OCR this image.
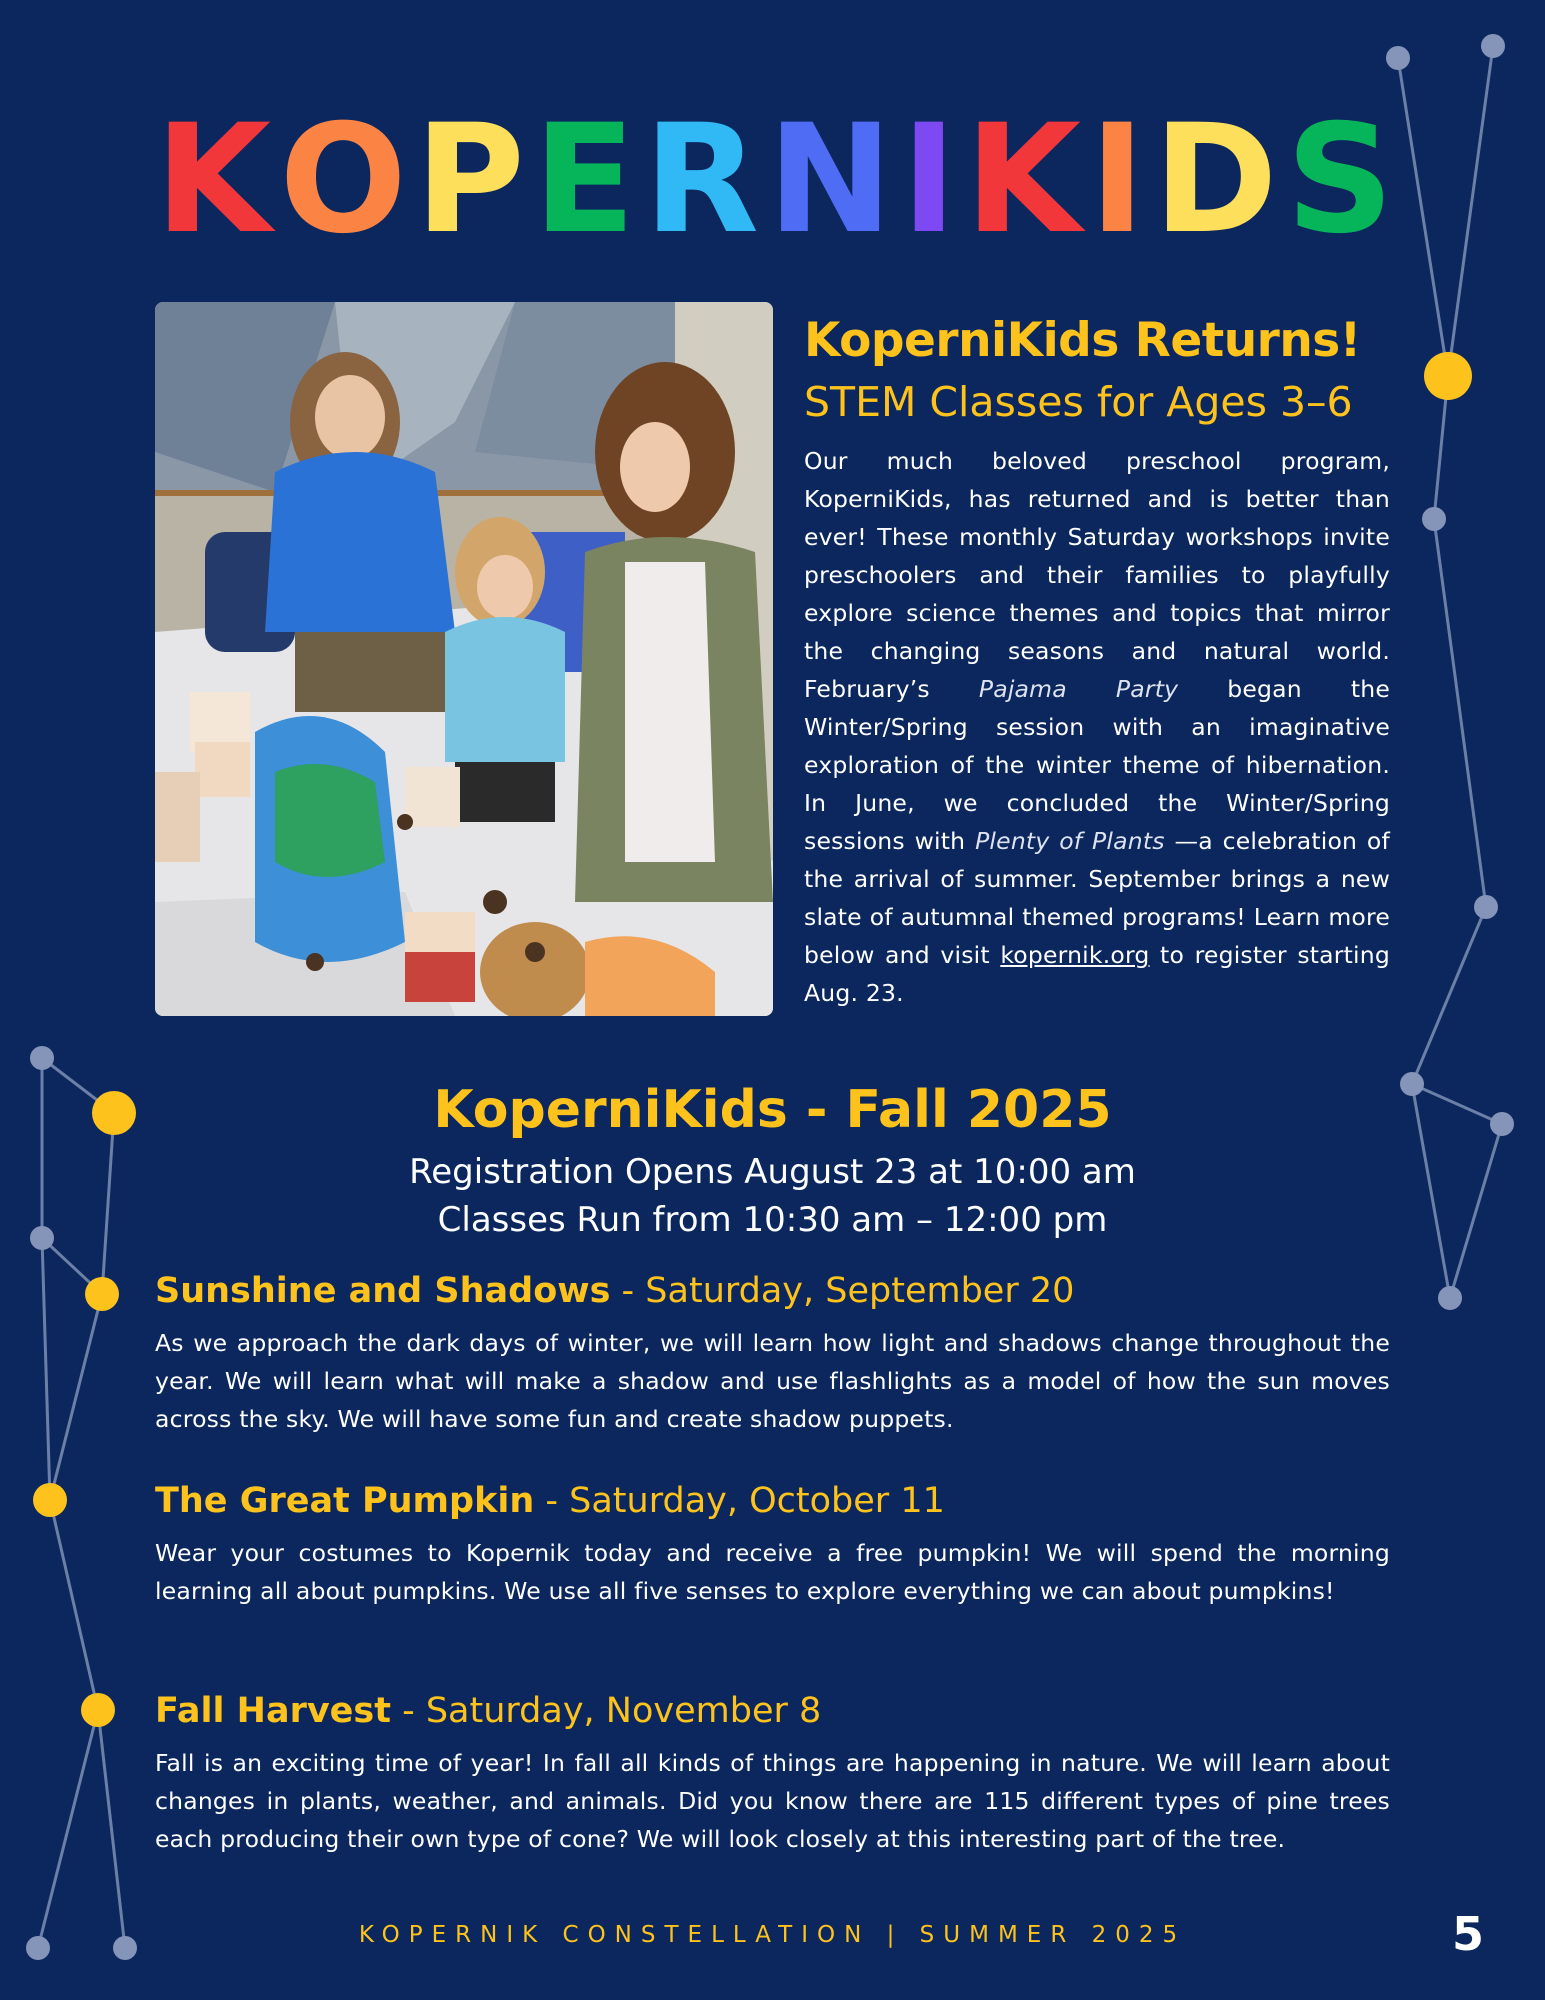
K O P E R N I K I D S
KoperniKids Returns!
STEM Classes for Ages 3–6

Our much beloved preschool program, KoperniKids, has returned and is better than ever! These monthly Saturday workshops invite preschoolers and their families to playfully explore science themes and topics that mirror the changing seasons and natural world. February’s Pajama Party began the Winter/Spring session with an imaginative exploration of the winter theme of hibernation. In June, we concluded the Winter/Spring sessions with Plenty of Plants —a celebration of the arrival of summer. September brings a new slate of autumnal themed programs! Learn more below and visit kopernik.org to register starting Aug. 23.

KoperniKids - Fall 2025
Registration Opens August 23 at 10:00 am
Classes Run from 10:30 am – 12:00 pm
Sunshine and Shadows - Saturday, September 20

As we approach the dark days of winter, we will learn how light and shadows change throughout the year. We will learn what will make a shadow and use flashlights as a model of how the sun moves across the sky. We will have some fun and create shadow puppets.

The Great Pumpkin - Saturday, October 11

Wear your costumes to Kopernik today and receive a free pumpkin! We will spend the morning learning all about pumpkins. We use all five senses to explore everything we can about pumpkins!

Fall Harvest - Saturday, November 8

Fall is an exciting time of year! In fall all kinds of things are happening in nature. We will learn about changes in plants, weather, and animals. Did you know there are 115 different types of pine trees each producing their own type of cone? We will look closely at this interesting part of the tree.

KOPERNIK CONSTELLATION | SUMMER 2025	5
